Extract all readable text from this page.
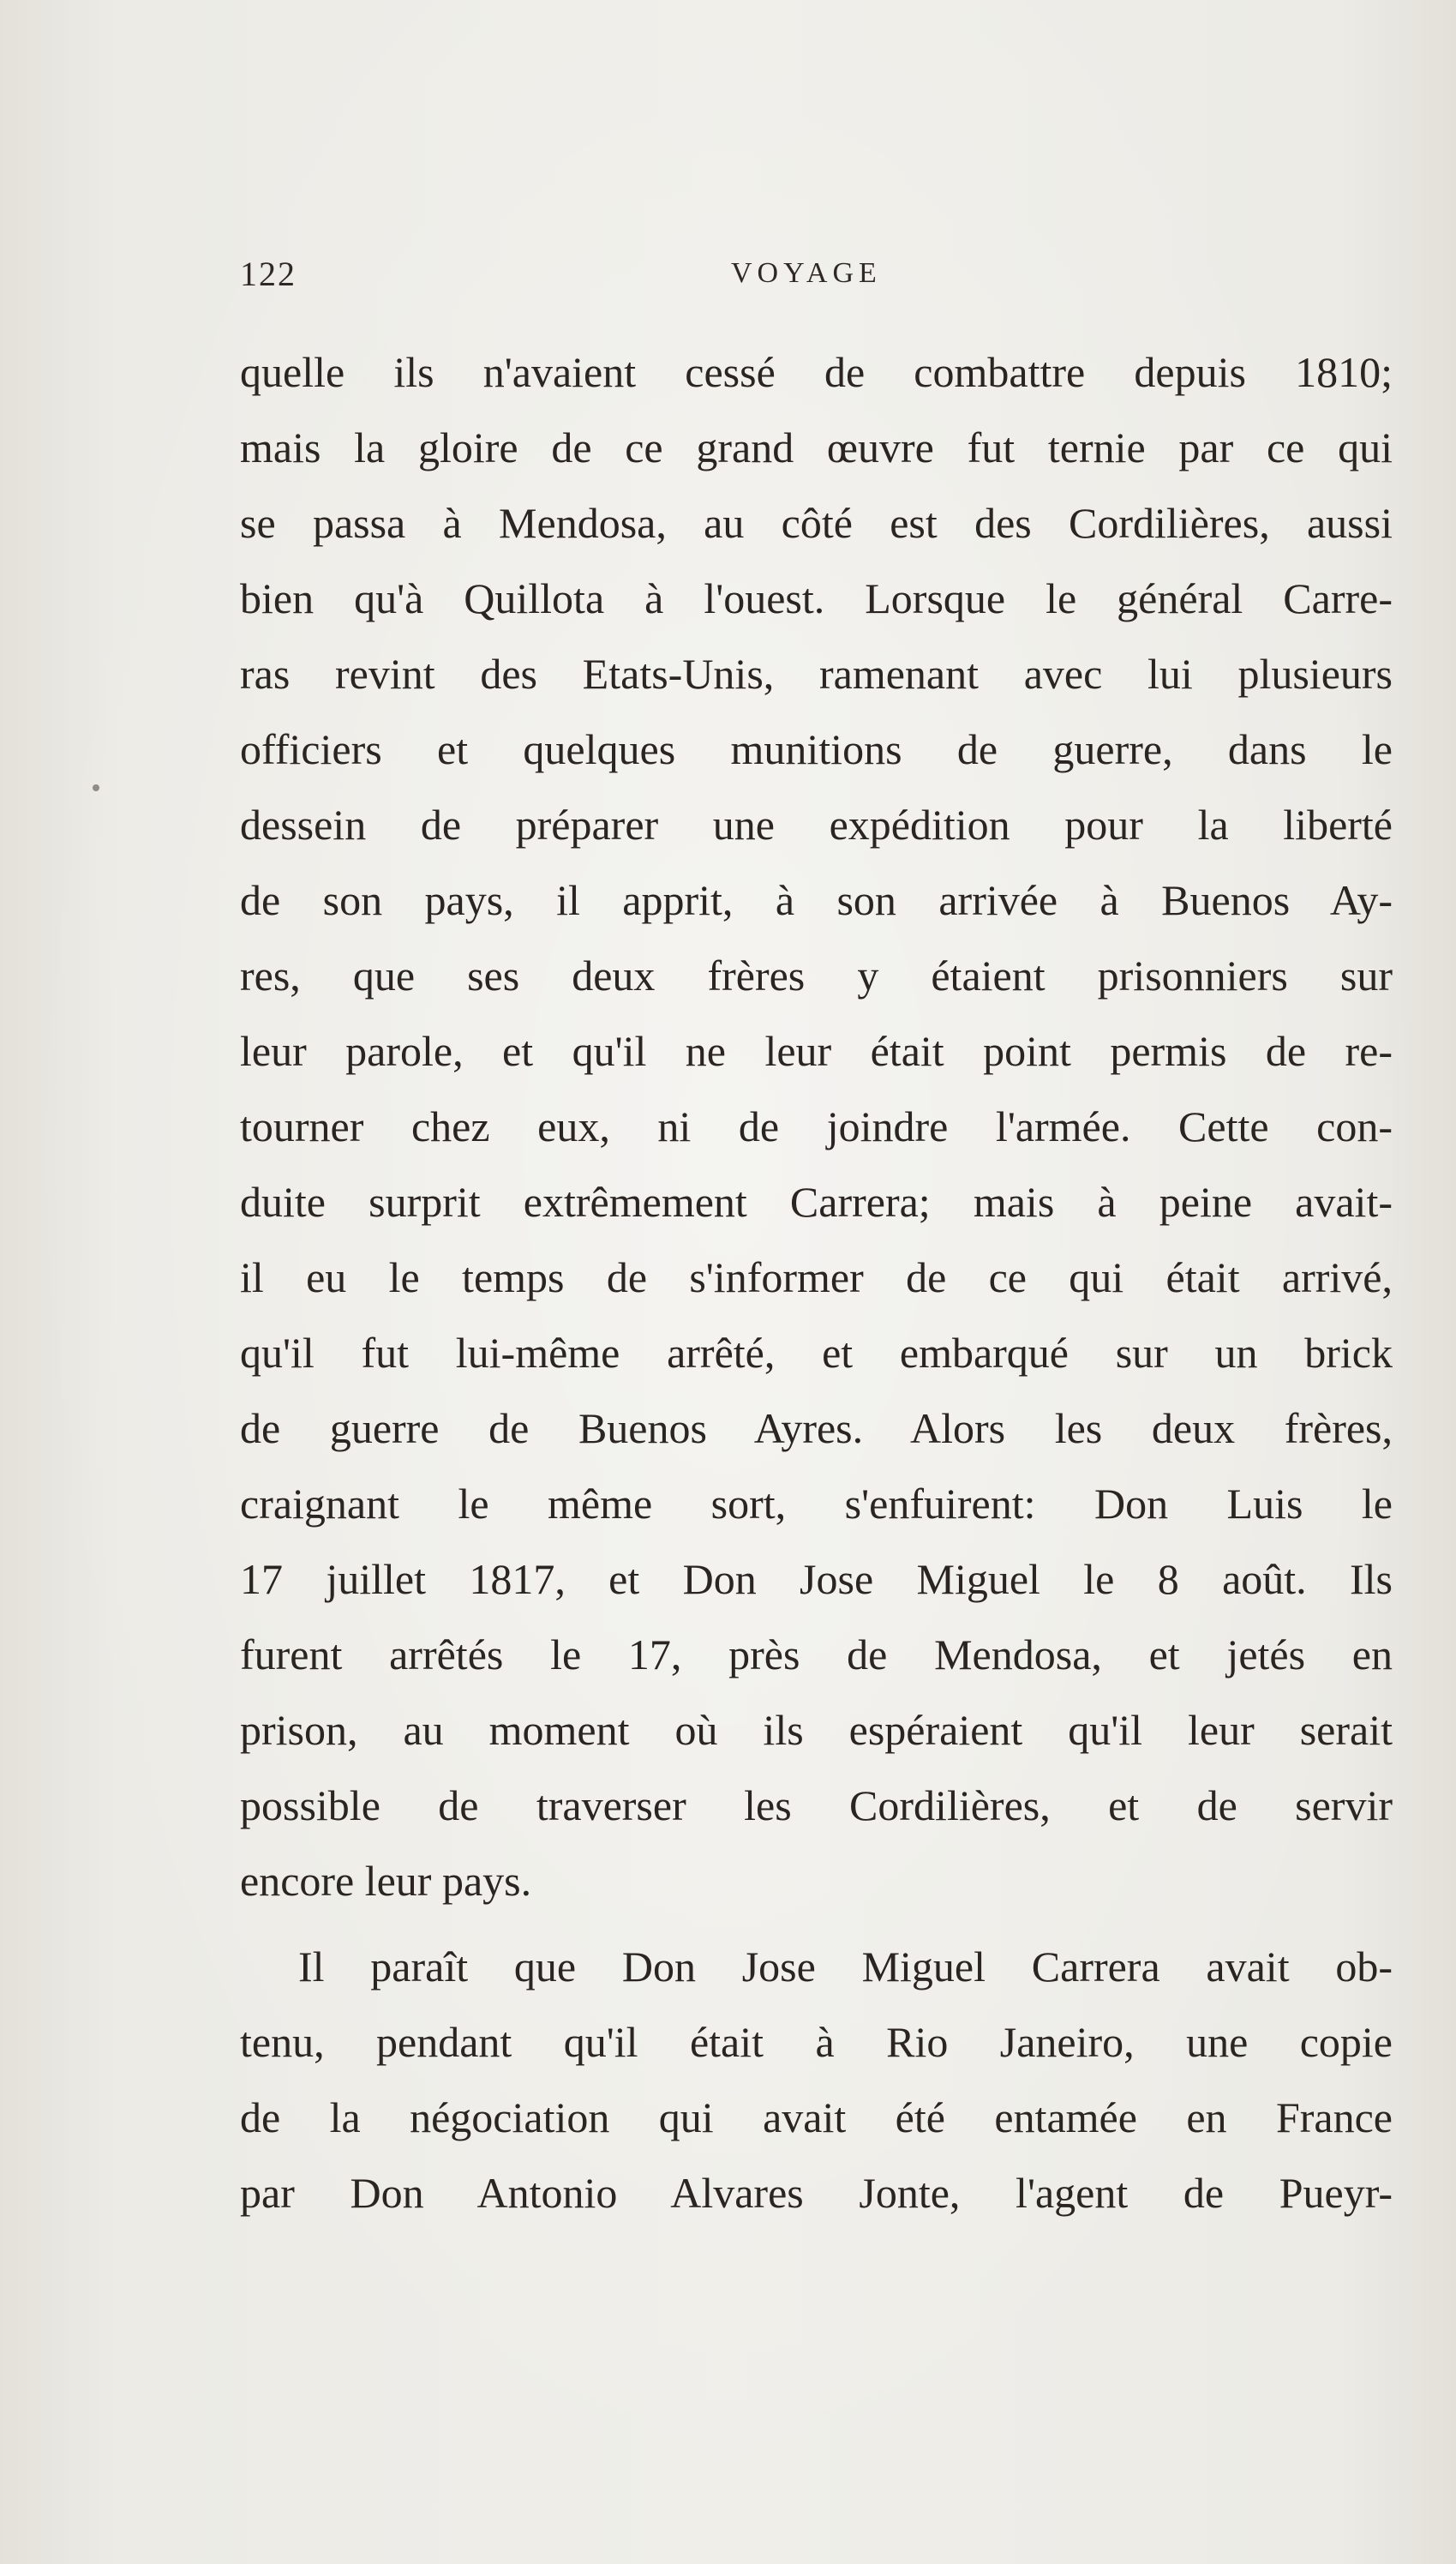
122	VOYAGE
quelle ils n'avaient cessé de combattre depuis 1810;
mais la gloire de ce grand œuvre fut ternie par ce qui
se passa à Mendosa, au côté est des Cordilières, aussi
bien qu'à Quillota à l'ouest. Lorsque le général Carre-
ras revint des Etats-Unis, ramenant avec lui plusieurs
officiers et quelques munitions de guerre, dans le
dessein de préparer une expédition pour la liberté
de son pays, il apprit, à son arrivée à Buenos Ay-
res, que ses deux frères y étaient prisonniers sur
leur parole, et qu'il ne leur était point permis de re-
tourner chez eux, ni de joindre l'armée. Cette con-
duite surprit extrêmement Carrera; mais à peine avait-
il eu le temps de s'informer de ce qui était arrivé,
qu'il fut lui-même arrêté, et embarqué sur un brick
de guerre de Buenos Ayres. Alors les deux frères,
craignant le même sort, s'enfuirent: Don Luis le
17 juillet 1817, et Don Jose Miguel le 8 août. Ils
furent arrêtés le 17, près de Mendosa, et jetés en
prison, au moment où ils espéraient qu'il leur serait
possible de traverser les Cordilières, et de servir
encore leur pays.
Il paraît que Don Jose Miguel Carrera avait ob-
tenu, pendant qu'il était à Rio Janeiro, une copie
de la négociation qui avait été entamée en France
par Don Antonio Alvares Jonte, l'agent de Pueyr-
